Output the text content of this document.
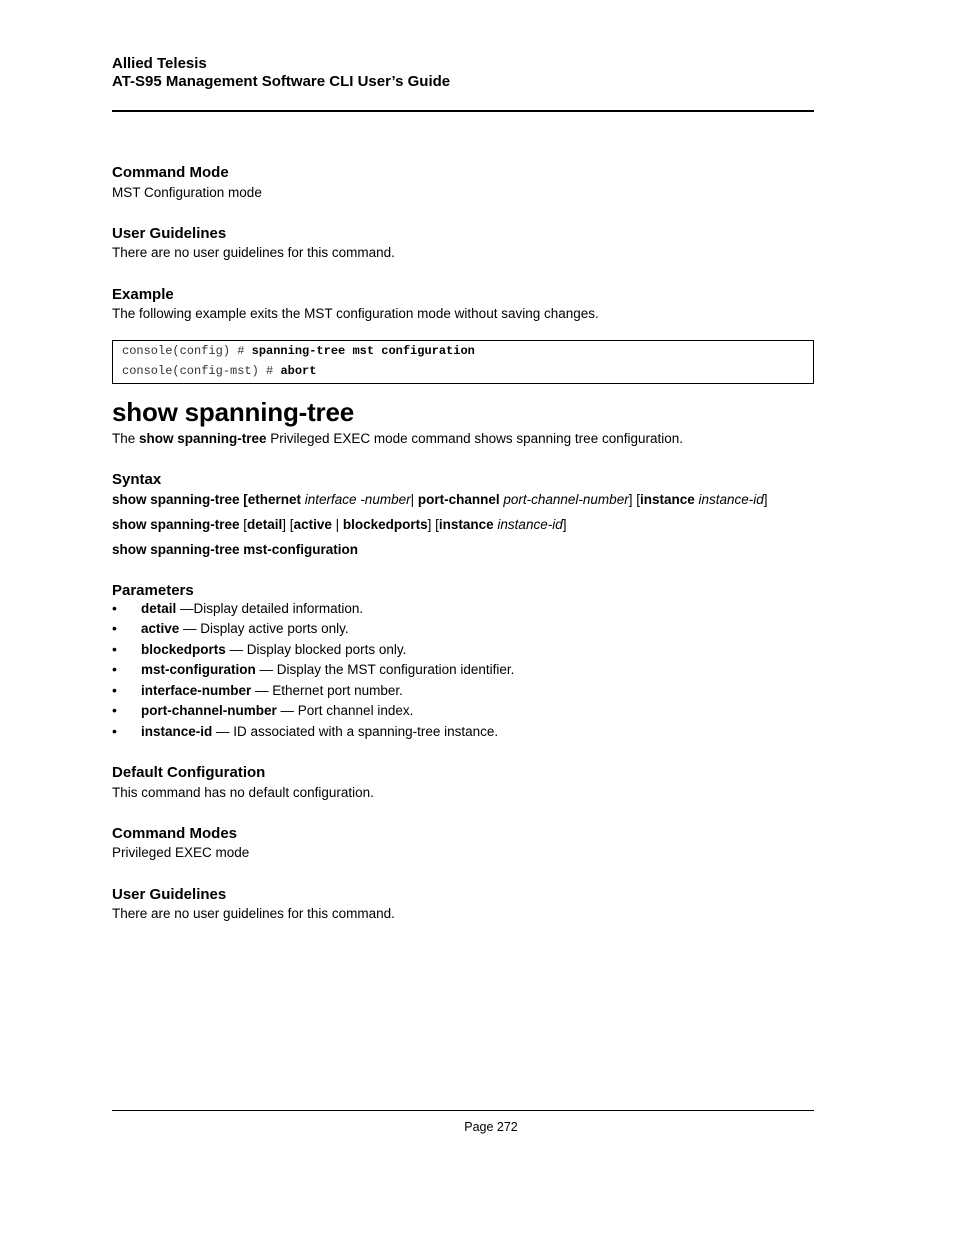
Allied Telesis
AT-S95 Management Software CLI User’s Guide
Command Mode
MST Configuration mode
User Guidelines
There are no user guidelines for this command.
Example
The following example exits the MST configuration mode without saving changes.
console(config) # spanning-tree mst configuration
console(config-mst) # abort
show spanning-tree
The show spanning-tree Privileged EXEC mode command shows spanning tree configuration.
Syntax
show spanning-tree [ethernet interface -number| port-channel port-channel-number] [instance instance-id]
show spanning-tree [detail] [active | blockedports] [instance instance-id]
show spanning-tree mst-configuration
Parameters
• detail —Display detailed information.
• active — Display active ports only.
• blockedports — Display blocked ports only.
• mst-configuration — Display the MST configuration identifier.
• interface-number — Ethernet port number.
• port-channel-number — Port channel index.
• instance-id — ID associated with a spanning-tree instance.
Default Configuration
This command has no default configuration.
Command Modes
Privileged EXEC mode
User Guidelines
There are no user guidelines for this command.
Page 272
